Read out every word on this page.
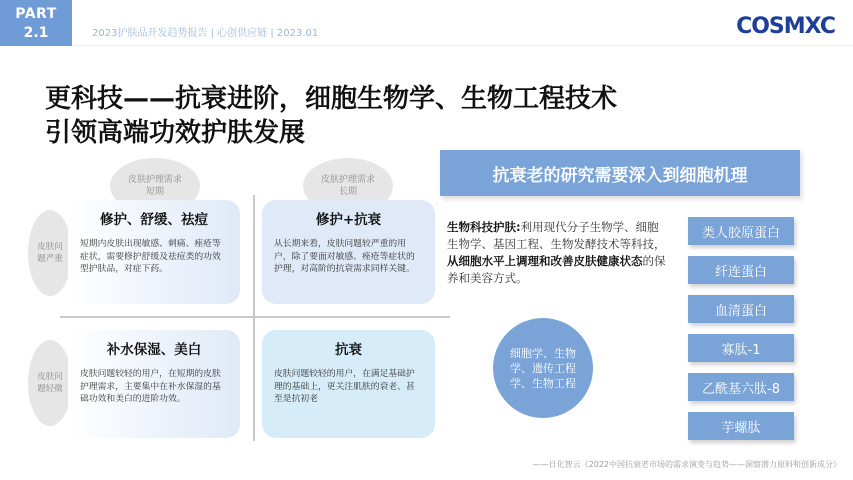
PART
2.1	2023护肤品开发趋势报告 | 心创供应链 | 2023.01	COSMXC
更科技——抗衰进阶，细胞生物学、生物工程技术
引领高端功效护肤发展
皮肤护理需求
短期
皮肤护理需求
长期
皮肤问题严重
皮肤问题轻微
修护、舒缓、祛痘

短期内皮肤出现敏感、刺痛、痤疮等症状，需要修护舒缓及祛痘类的功效型护肤品，对症下药。

修护+抗衰

从长期来看，皮肤问题较严重的用户，除了要面对敏感、痤疮等症状的护理，对高阶的抗衰需求同样关键。

补水保湿、美白

皮肤问题较轻的用户，在短期的皮肤护理需求，主要集中在补水保湿的基础功效和美白的进阶功效。

抗衰

皮肤问题较轻的用户，在满足基础护理的基础上，更关注肌肤的衰老、甚至是抗初老

抗衰老的研究需要深入到细胞机理
生物科技护肤:利用现代分子生物学、细胞生物学、基因工程、生物发酵技术等科技，从细胞水平上调理和改善皮肤健康状态的保养和美容方式。
细胞学、生物学、遗传工程学、生物工程
类人胶原蛋白
纤连蛋白
血清蛋白
寡肽-1
乙酰基六肽-8
芋螺肽
——日化智云《2022中国抗衰老市场的需求演变与趋势——洞察潜力原料和创新成分》
